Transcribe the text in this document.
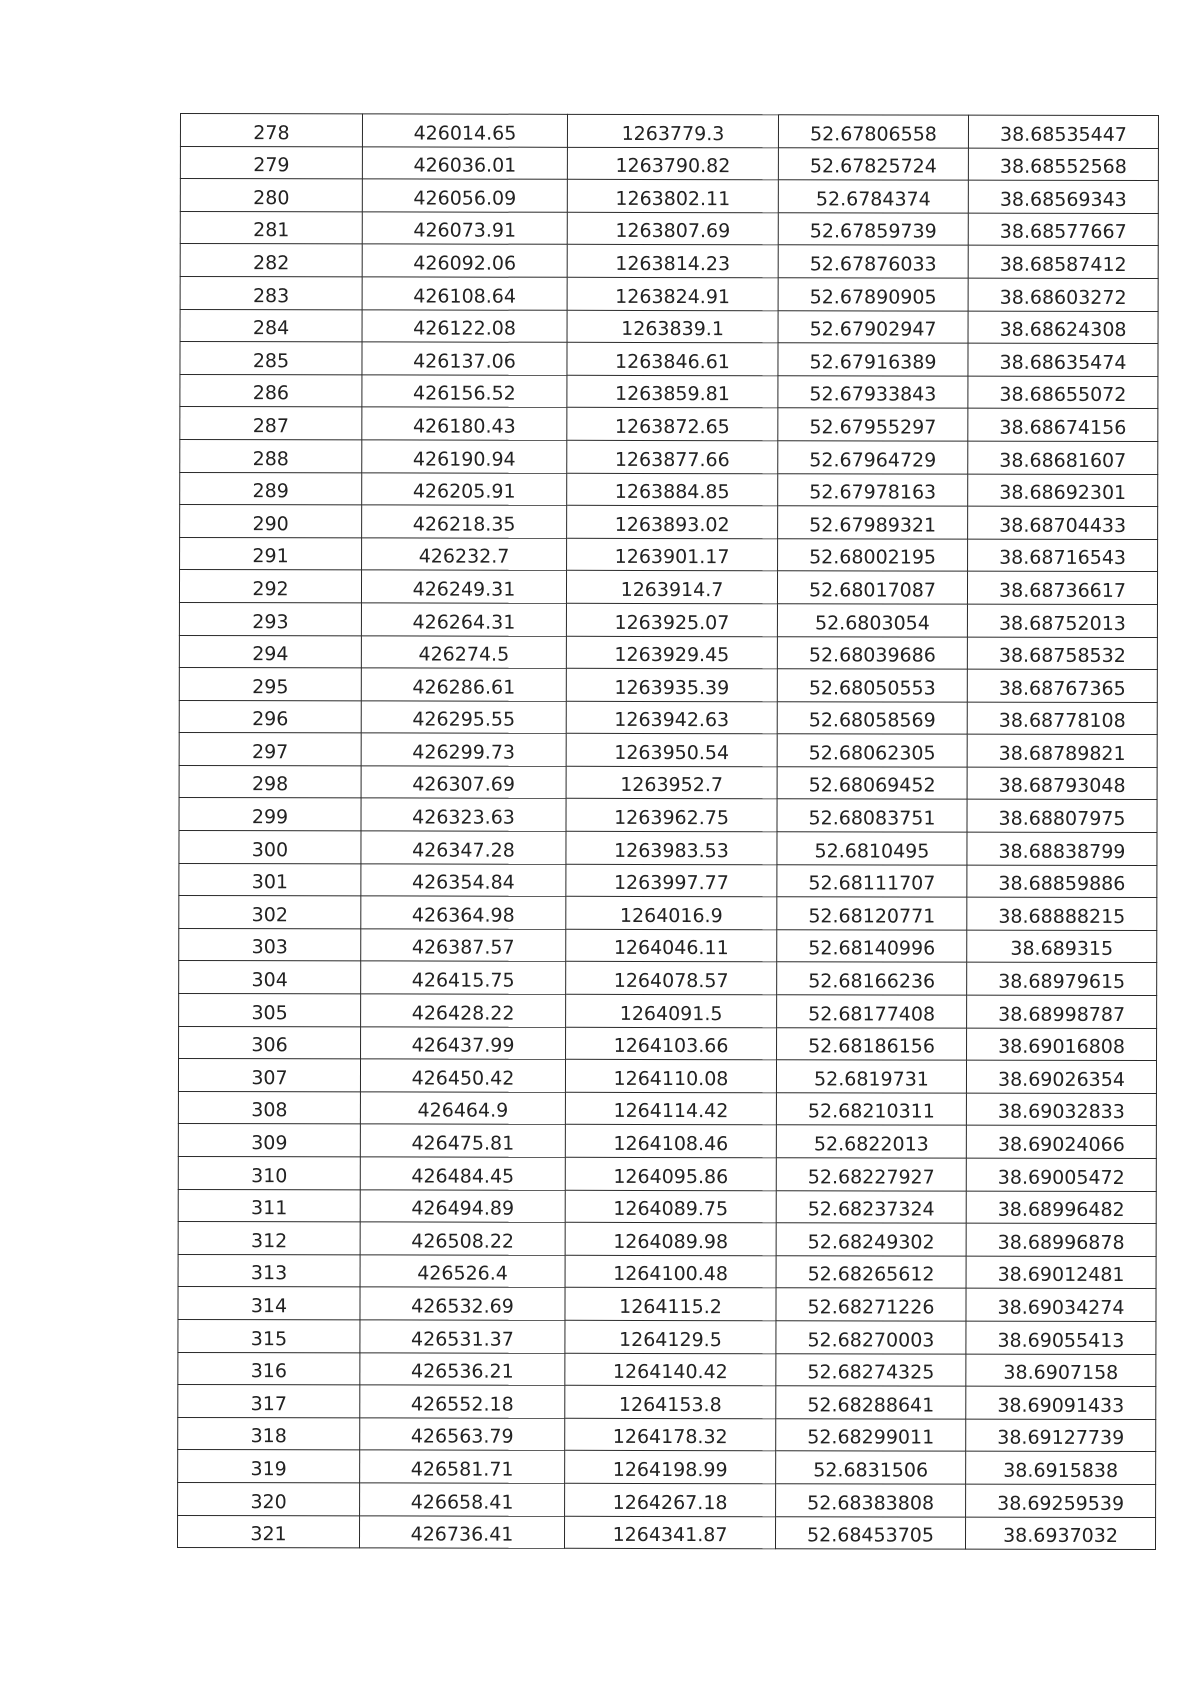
278	426014.65	1263779.3	52.67806558	38.68535447
279	426036.01	1263790.82	52.67825724	38.68552568
280	426056.09	1263802.11	52.6784374	38.68569343
281	426073.91	1263807.69	52.67859739	38.68577667
282	426092.06	1263814.23	52.67876033	38.68587412
283	426108.64	1263824.91	52.67890905	38.68603272
284	426122.08	1263839.1	52.67902947	38.68624308
285	426137.06	1263846.61	52.67916389	38.68635474
286	426156.52	1263859.81	52.67933843	38.68655072
287	426180.43	1263872.65	52.67955297	38.68674156
288	426190.94	1263877.66	52.67964729	38.68681607
289	426205.91	1263884.85	52.67978163	38.68692301
290	426218.35	1263893.02	52.67989321	38.68704433
291	426232.7	1263901.17	52.68002195	38.68716543
292	426249.31	1263914.7	52.68017087	38.68736617
293	426264.31	1263925.07	52.6803054	38.68752013
294	426274.5	1263929.45	52.68039686	38.68758532
295	426286.61	1263935.39	52.68050553	38.68767365
296	426295.55	1263942.63	52.68058569	38.68778108
297	426299.73	1263950.54	52.68062305	38.68789821
298	426307.69	1263952.7	52.68069452	38.68793048
299	426323.63	1263962.75	52.68083751	38.68807975
300	426347.28	1263983.53	52.6810495	38.68838799
301	426354.84	1263997.77	52.68111707	38.68859886
302	426364.98	1264016.9	52.68120771	38.68888215
303	426387.57	1264046.11	52.68140996	38.689315
304	426415.75	1264078.57	52.68166236	38.68979615
305	426428.22	1264091.5	52.68177408	38.68998787
306	426437.99	1264103.66	52.68186156	38.69016808
307	426450.42	1264110.08	52.6819731	38.69026354
308	426464.9	1264114.42	52.68210311	38.69032833
309	426475.81	1264108.46	52.6822013	38.69024066
310	426484.45	1264095.86	52.68227927	38.69005472
311	426494.89	1264089.75	52.68237324	38.68996482
312	426508.22	1264089.98	52.68249302	38.68996878
313	426526.4	1264100.48	52.68265612	38.69012481
314	426532.69	1264115.2	52.68271226	38.69034274
315	426531.37	1264129.5	52.68270003	38.69055413
316	426536.21	1264140.42	52.68274325	38.6907158
317	426552.18	1264153.8	52.68288641	38.69091433
318	426563.79	1264178.32	52.68299011	38.69127739
319	426581.71	1264198.99	52.6831506	38.6915838
320	426658.41	1264267.18	52.68383808	38.69259539
321	426736.41	1264341.87	52.68453705	38.6937032
